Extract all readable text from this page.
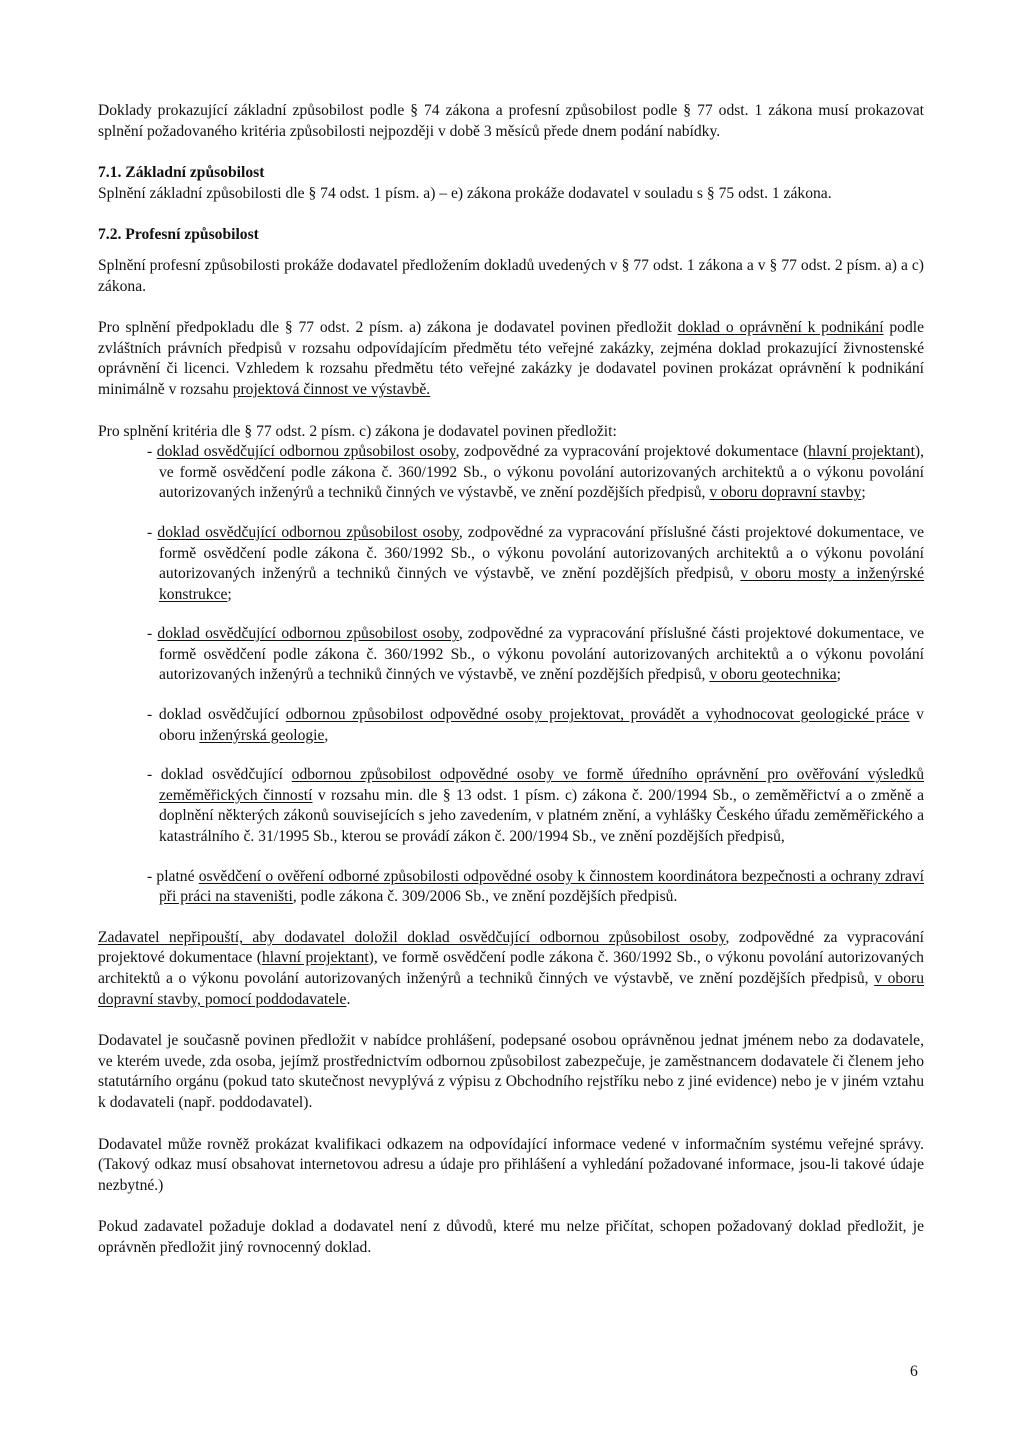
Doklady prokazující základní způsobilost podle § 74 zákona a profesní způsobilost podle § 77 odst. 1 zákona musí prokazovat splnění požadovaného kritéria způsobilosti nejpozději v době 3 měsíců přede dnem podání nabídky.

7.1. Základní způsobilost

Splnění základní způsobilosti dle § 74 odst. 1 písm. a) – e) zákona prokáže dodavatel v souladu s § 75 odst. 1 zákona.

7.2. Profesní způsobilost

Splnění profesní způsobilosti prokáže dodavatel předložením dokladů uvedených v § 77 odst. 1 zákona a v § 77 odst. 2 písm. a) a c) zákona.

Pro splnění předpokladu dle § 77 odst. 2 písm. a) zákona je dodavatel povinen předložit doklad o oprávnění k podnikání podle zvláštních právních předpisů v rozsahu odpovídajícím předmětu této veřejné zakázky, zejména doklad prokazující živnostenské oprávnění či licenci. Vzhledem k rozsahu předmětu této veřejné zakázky je dodavatel povinen prokázat oprávnění k podnikání minimálně v rozsahu projektová činnost ve výstavbě.

Pro splnění kritéria dle § 77 odst. 2 písm. c) zákona je dodavatel povinen předložit:

- doklad osvědčující odbornou způsobilost osoby, zodpovědné za vypracování projektové dokumentace (hlavní projektant), ve formě osvědčení podle zákona č. 360/1992 Sb., o výkonu povolání autorizovaných architektů a o výkonu povolání autorizovaných inženýrů a techniků činných ve výstavbě, ve znění pozdějších předpisů, v oboru dopravní stavby;
- doklad osvědčující odbornou způsobilost osoby, zodpovědné za vypracování příslušné části projektové dokumentace, ve formě osvědčení podle zákona č. 360/1992 Sb., o výkonu povolání autorizovaných architektů a o výkonu povolání autorizovaných inženýrů a techniků činných ve výstavbě, ve znění pozdějších předpisů, v oboru mosty a inženýrské konstrukce;
- doklad osvědčující odbornou způsobilost osoby, zodpovědné za vypracování příslušné části projektové dokumentace, ve formě osvědčení podle zákona č. 360/1992 Sb., o výkonu povolání autorizovaných architektů a o výkonu povolání autorizovaných inženýrů a techniků činných ve výstavbě, ve znění pozdějších předpisů, v oboru geotechnika;
- doklad osvědčující odbornou způsobilost odpovědné osoby projektovat, provádět a vyhodnocovat geologické práce v oboru inženýrská geologie,
- doklad osvědčující odbornou způsobilost odpovědné osoby ve formě úředního oprávnění pro ověřování výsledků zeměměřických činností v rozsahu min. dle § 13 odst. 1 písm. c) zákona č. 200/1994 Sb., o zeměměřictví a o změně a doplnění některých zákonů souvisejících s jeho zavedením, v platném znění, a vyhlášky Českého úřadu zeměměřického a katastrálního č. 31/1995 Sb., kterou se provádí zákon č. 200/1994 Sb., ve znění pozdějších předpisů,
- platné osvědčení o ověření odborné způsobilosti odpovědné osoby k činnostem koordinátora bezpečnosti a ochrany zdraví při práci na staveništi, podle zákona č. 309/2006 Sb., ve znění pozdějších předpisů.

Zadavatel nepřipouští, aby dodavatel doložil doklad osvědčující odbornou způsobilost osoby, zodpovědné za vypracování projektové dokumentace (hlavní projektant), ve formě osvědčení podle zákona č. 360/1992 Sb., o výkonu povolání autorizovaných architektů a o výkonu povolání autorizovaných inženýrů a techniků činných ve výstavbě, ve znění pozdějších předpisů, v oboru dopravní stavby, pomocí poddodavatele.

Dodavatel je současně povinen předložit v nabídce prohlášení, podepsané osobou oprávněnou jednat jménem nebo za dodavatele, ve kterém uvede, zda osoba, jejímž prostřednictvím odbornou způsobilost zabezpečuje, je zaměstnancem dodavatele či členem jeho statutárního orgánu (pokud tato skutečnost nevyplývá z výpisu z Obchodního rejstříku nebo z jiné evidence) nebo je v jiném vztahu k dodavateli (např. poddodavatel).

Dodavatel může rovněž prokázat kvalifikaci odkazem na odpovídající informace vedené v informačním systému veřejné správy. (Takový odkaz musí obsahovat internetovou adresu a údaje pro přihlášení a vyhledání požadované informace, jsou-li takové údaje nezbytné.)

Pokud zadavatel požaduje doklad a dodavatel není z důvodů, které mu nelze přičítat, schopen požadovaný doklad předložit, je oprávněn předložit jiný rovnocenný doklad.

6
